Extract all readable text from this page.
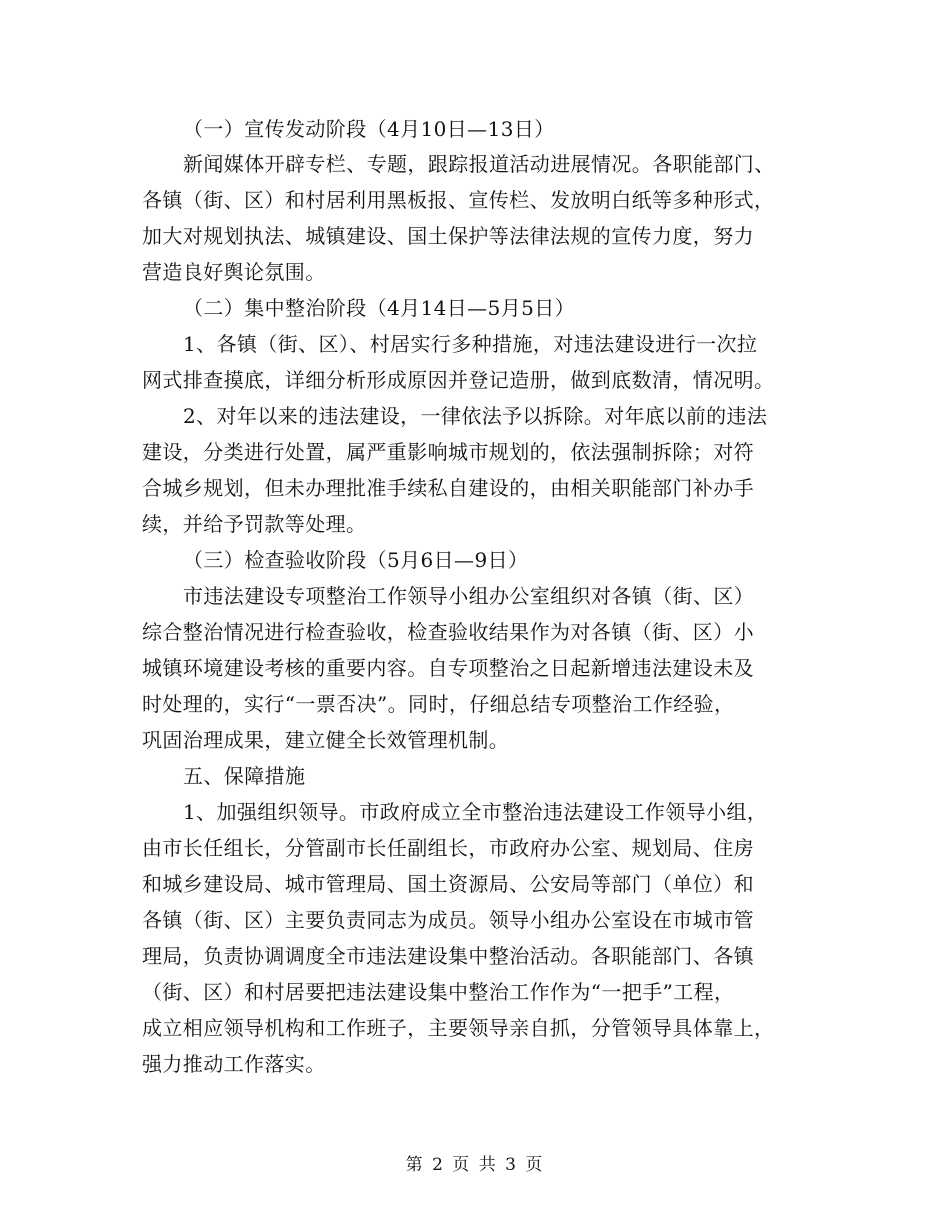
（一）宣传发动阶段（4月10日—13日）
新闻媒体开辟专栏、专题，跟踪报道活动进展情况。各职能部门、
各镇（街、区）和村居利用黑板报、宣传栏、发放明白纸等多种形式，
加大对规划执法、城镇建设、国土保护等法律法规的宣传力度，努力
营造良好舆论氛围。
（二）集中整治阶段（4月14日—5月5日）
1、各镇（街、区）、村居实行多种措施，对违法建设进行一次拉
网式排查摸底，详细分析形成原因并登记造册，做到底数清，情况明。
2、对年以来的违法建设，一律依法予以拆除。对年底以前的违法
建设，分类进行处置，属严重影响城市规划的，依法强制拆除；对符
合城乡规划，但未办理批准手续私自建设的，由相关职能部门补办手
续，并给予罚款等处理。
（三）检查验收阶段（5月6日—9日）
市违法建设专项整治工作领导小组办公室组织对各镇（街、区）
综合整治情况进行检查验收，检查验收结果作为对各镇（街、区）小
城镇环境建设考核的重要内容。自专项整治之日起新增违法建设未及
时处理的，实行“一票否决”。同时，仔细总结专项整治工作经验，
巩固治理成果，建立健全长效管理机制。
五、保障措施
1、加强组织领导。市政府成立全市整治违法建设工作领导小组，
由市长任组长，分管副市长任副组长，市政府办公室、规划局、住房
和城乡建设局、城市管理局、国土资源局、公安局等部门（单位）和
各镇（街、区）主要负责同志为成员。领导小组办公室设在市城市管
理局，负责协调调度全市违法建设集中整治活动。各职能部门、各镇
（街、区）和村居要把违法建设集中整治工作作为“一把手”工程，
成立相应领导机构和工作班子，主要领导亲自抓，分管领导具体靠上，
强力推动工作落实。
第 2 页 共 3 页
